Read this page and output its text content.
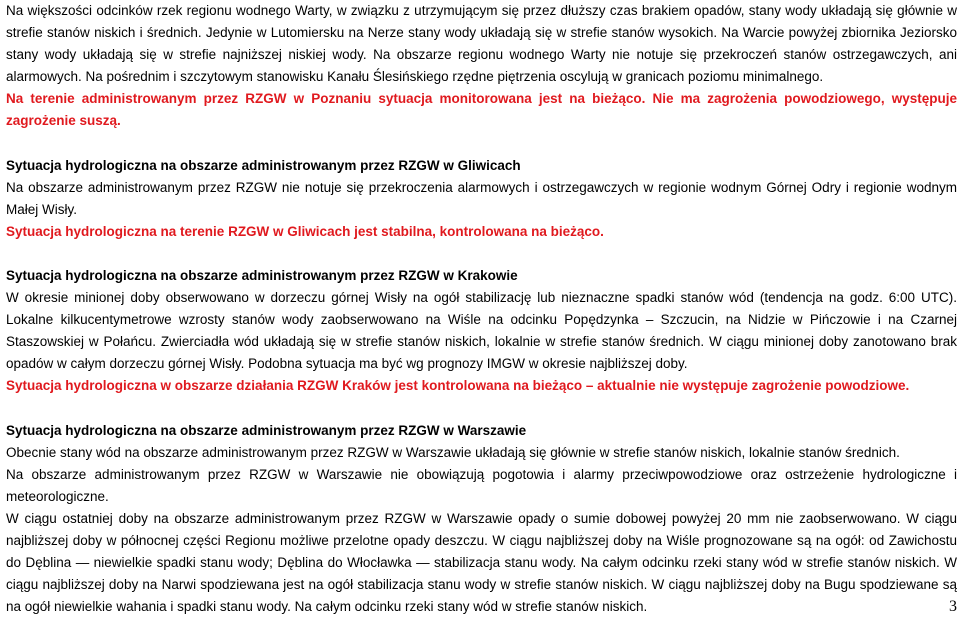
Na większości odcinków rzek regionu wodnego Warty, w związku z utrzymującym się przez dłuższy czas brakiem opadów, stany wody układają się głównie w strefie stanów niskich i średnich. Jedynie w Lutomiersku na Nerze stany wody układają się w strefie stanów wysokich. Na Warcie powyżej zbiornika Jeziorsko stany wody układają się w strefie najniższej niskiej wody. Na obszarze regionu wodnego Warty nie notuje się przekroczeń stanów ostrzegawczych, ani alarmowych. Na pośrednim i szczytowym stanowisku Kanału Ślesińskiego rzędne piętrzenia oscylują w granicach poziomu minimalnego.

Na terenie administrowanym przez RZGW w Poznaniu sytuacja monitorowana jest na bieżąco. Nie ma zagrożenia powodziowego, występuje zagrożenie suszą.

Sytuacja hydrologiczna na obszarze administrowanym przez RZGW w Gliwicach

Na obszarze administrowanym przez RZGW nie notuje się przekroczenia alarmowych i ostrzegawczych w regionie wodnym Górnej Odry i regionie wodnym Małej Wisły.

Sytuacja hydrologiczna na terenie RZGW w Gliwicach jest stabilna, kontrolowana na bieżąco.

Sytuacja hydrologiczna na obszarze administrowanym przez RZGW w Krakowie

W okresie minionej doby obserwowano w dorzeczu górnej Wisły na ogół stabilizację lub nieznaczne spadki stanów wód (tendencja na godz. 6:00 UTC). Lokalne kilkucentymetrowe wzrosty stanów wody zaobserwowano na Wiśle na odcinku Popędzynka – Szczucin, na Nidzie w Pińczowie i na Czarnej Staszowskiej w Połańcu. Zwierciadła wód układają się w strefie stanów niskich, lokalnie w strefie stanów średnich. W ciągu minionej doby zanotowano brak opadów w całym dorzeczu górnej Wisły. Podobna sytuacja ma być wg prognozy IMGW w okresie najbliższej doby.

Sytuacja hydrologiczna w obszarze działania RZGW Kraków jest kontrolowana na bieżąco – aktualnie nie występuje zagrożenie powodziowe.

Sytuacja hydrologiczna na obszarze administrowanym przez RZGW w Warszawie

Obecnie stany wód na obszarze administrowanym przez RZGW w Warszawie układają się głównie w strefie stanów niskich, lokalnie stanów średnich.

Na obszarze administrowanym przez RZGW w Warszawie nie obowiązują pogotowia i alarmy przeciwpowodziowe oraz ostrzeżenie hydrologiczne i meteorologiczne.

W ciągu ostatniej doby na obszarze administrowanym przez RZGW w Warszawie opady o sumie dobowej powyżej 20 mm nie zaobserwowano. W ciągu najbliższej doby w północnej części Regionu możliwe przelotne opady deszczu. W ciągu najbliższej doby na Wiśle prognozowane są na ogół: od Zawichostu do Dęblina — niewielkie spadki stanu wody; Dęblina do Włocławka — stabilizacja stanu wody. Na całym odcinku rzeki stany wód w strefie stanów niskich. W ciągu najbliższej doby na Narwi spodziewana jest na ogół stabilizacja stanu wody w strefie stanów niskich. W ciągu najbliższej doby na Bugu spodziewane są na ogół niewielkie wahania i spadki stanu wody. Na całym odcinku rzeki stany wód w strefie stanów niskich.	3
